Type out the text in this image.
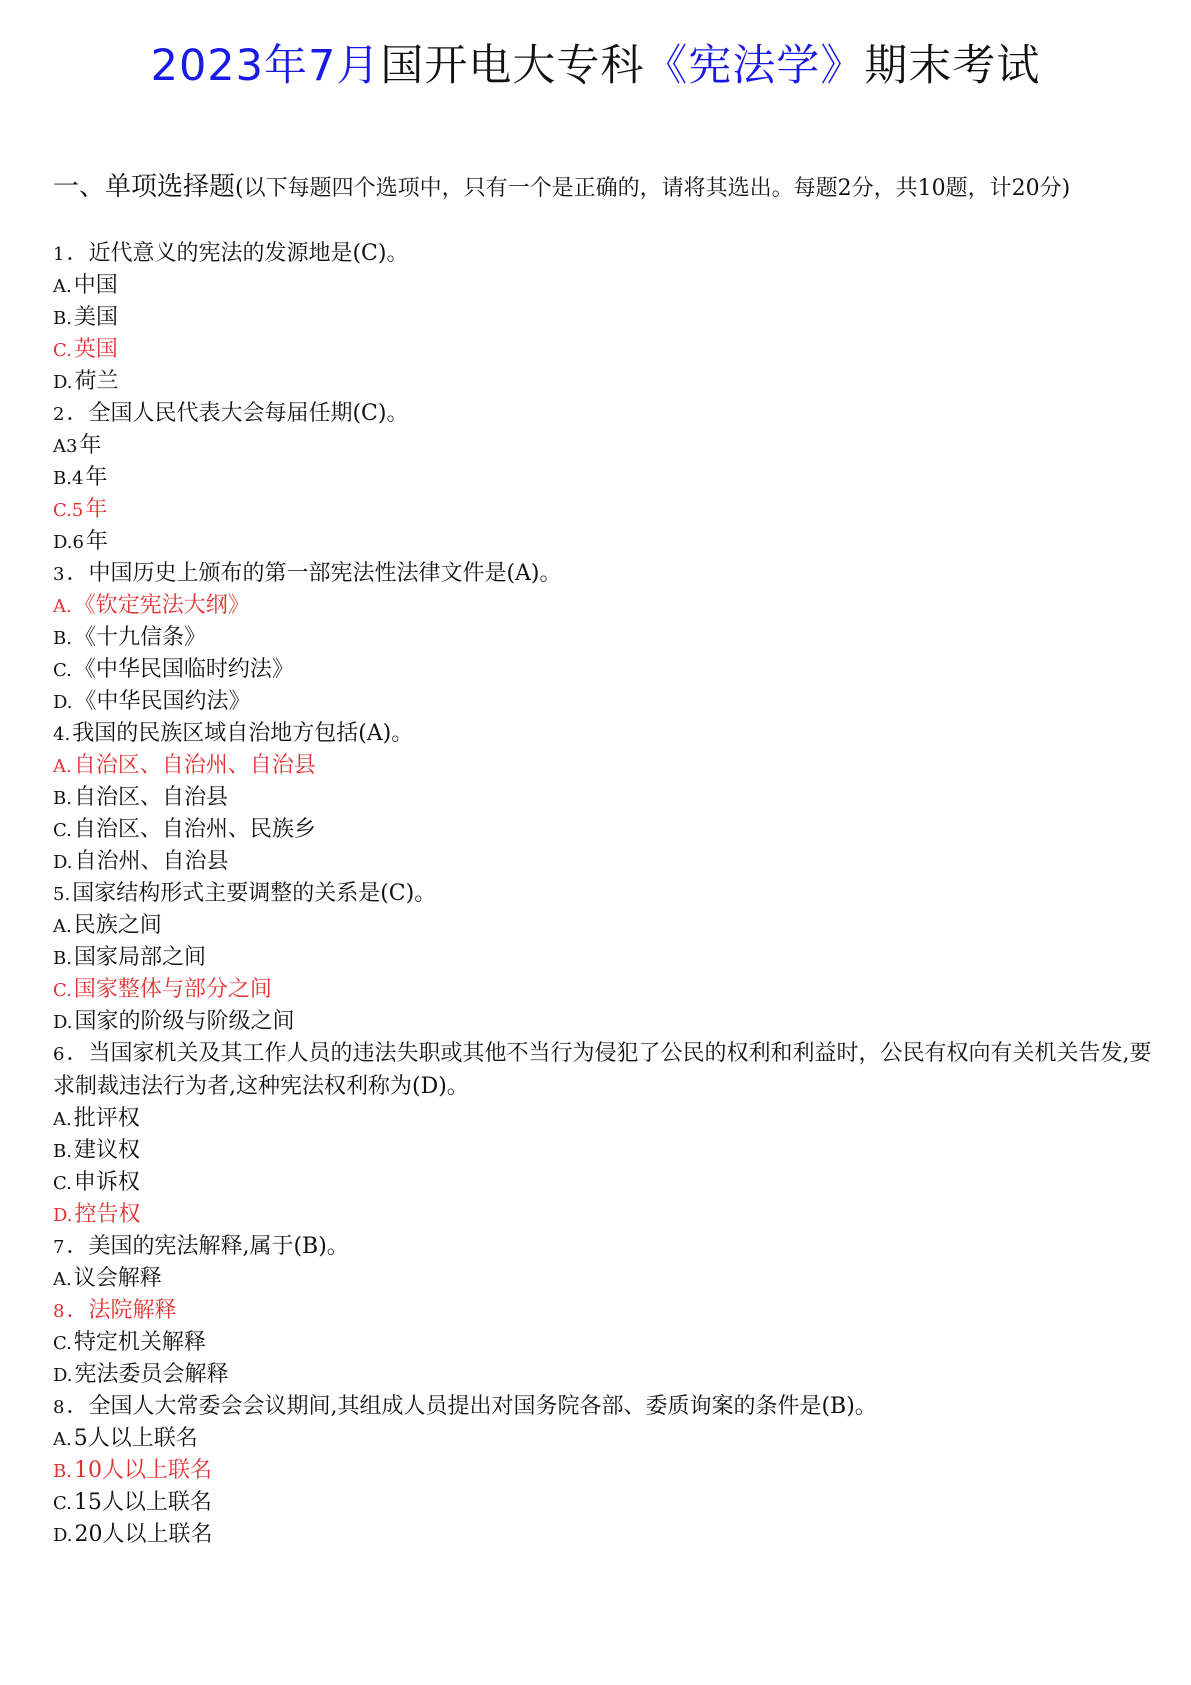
2023年7月国开电大专科《宪法学》期末考试
一、单项选择题(以下每题四个选项中，只有一个是正确的，请将其选出。每题2分，共10题，计20分)
1．近代意义的宪法的发源地是(C)。
A.中国
B.美国
C.英国
D.荷兰
2．全国人民代表大会每届任期(C)。
A3年
B.4年
C.5年
D.6年
3．中国历史上颁布的第一部宪法性法律文件是(A)。
A.《钦定宪法大纲》
B.《十九信条》
C.《中华民国临时约法》
D.《中华民国约法》
4.我国的民族区域自治地方包括(A)。
A.自治区、自治州、自治县
B.自治区、自治县
C.自治区、自治州、民族乡
D.自治州、自治县
5.国家结构形式主要调整的关系是(C)。
A.民族之间
B.国家局部之间
C.国家整体与部分之间
D.国家的阶级与阶级之间
6．当国家机关及其工作人员的违法失职或其他不当行为侵犯了公民的权利和利益时，公民有权向有关机关告发,要求制裁违法行为者,这种宪法权利称为(D)。
A.批评权
B.建议权
C.申诉权
D.控告权
7．美国的宪法解释,属于(B)。
A.议会解释
8．法院解释
C.特定机关解释
D.宪法委员会解释
8．全国人大常委会会议期间,其组成人员提出对国务院各部、委质询案的条件是(B)。
A.5人以上联名
B.10人以上联名
C.15人以上联名
D.20人以上联名
